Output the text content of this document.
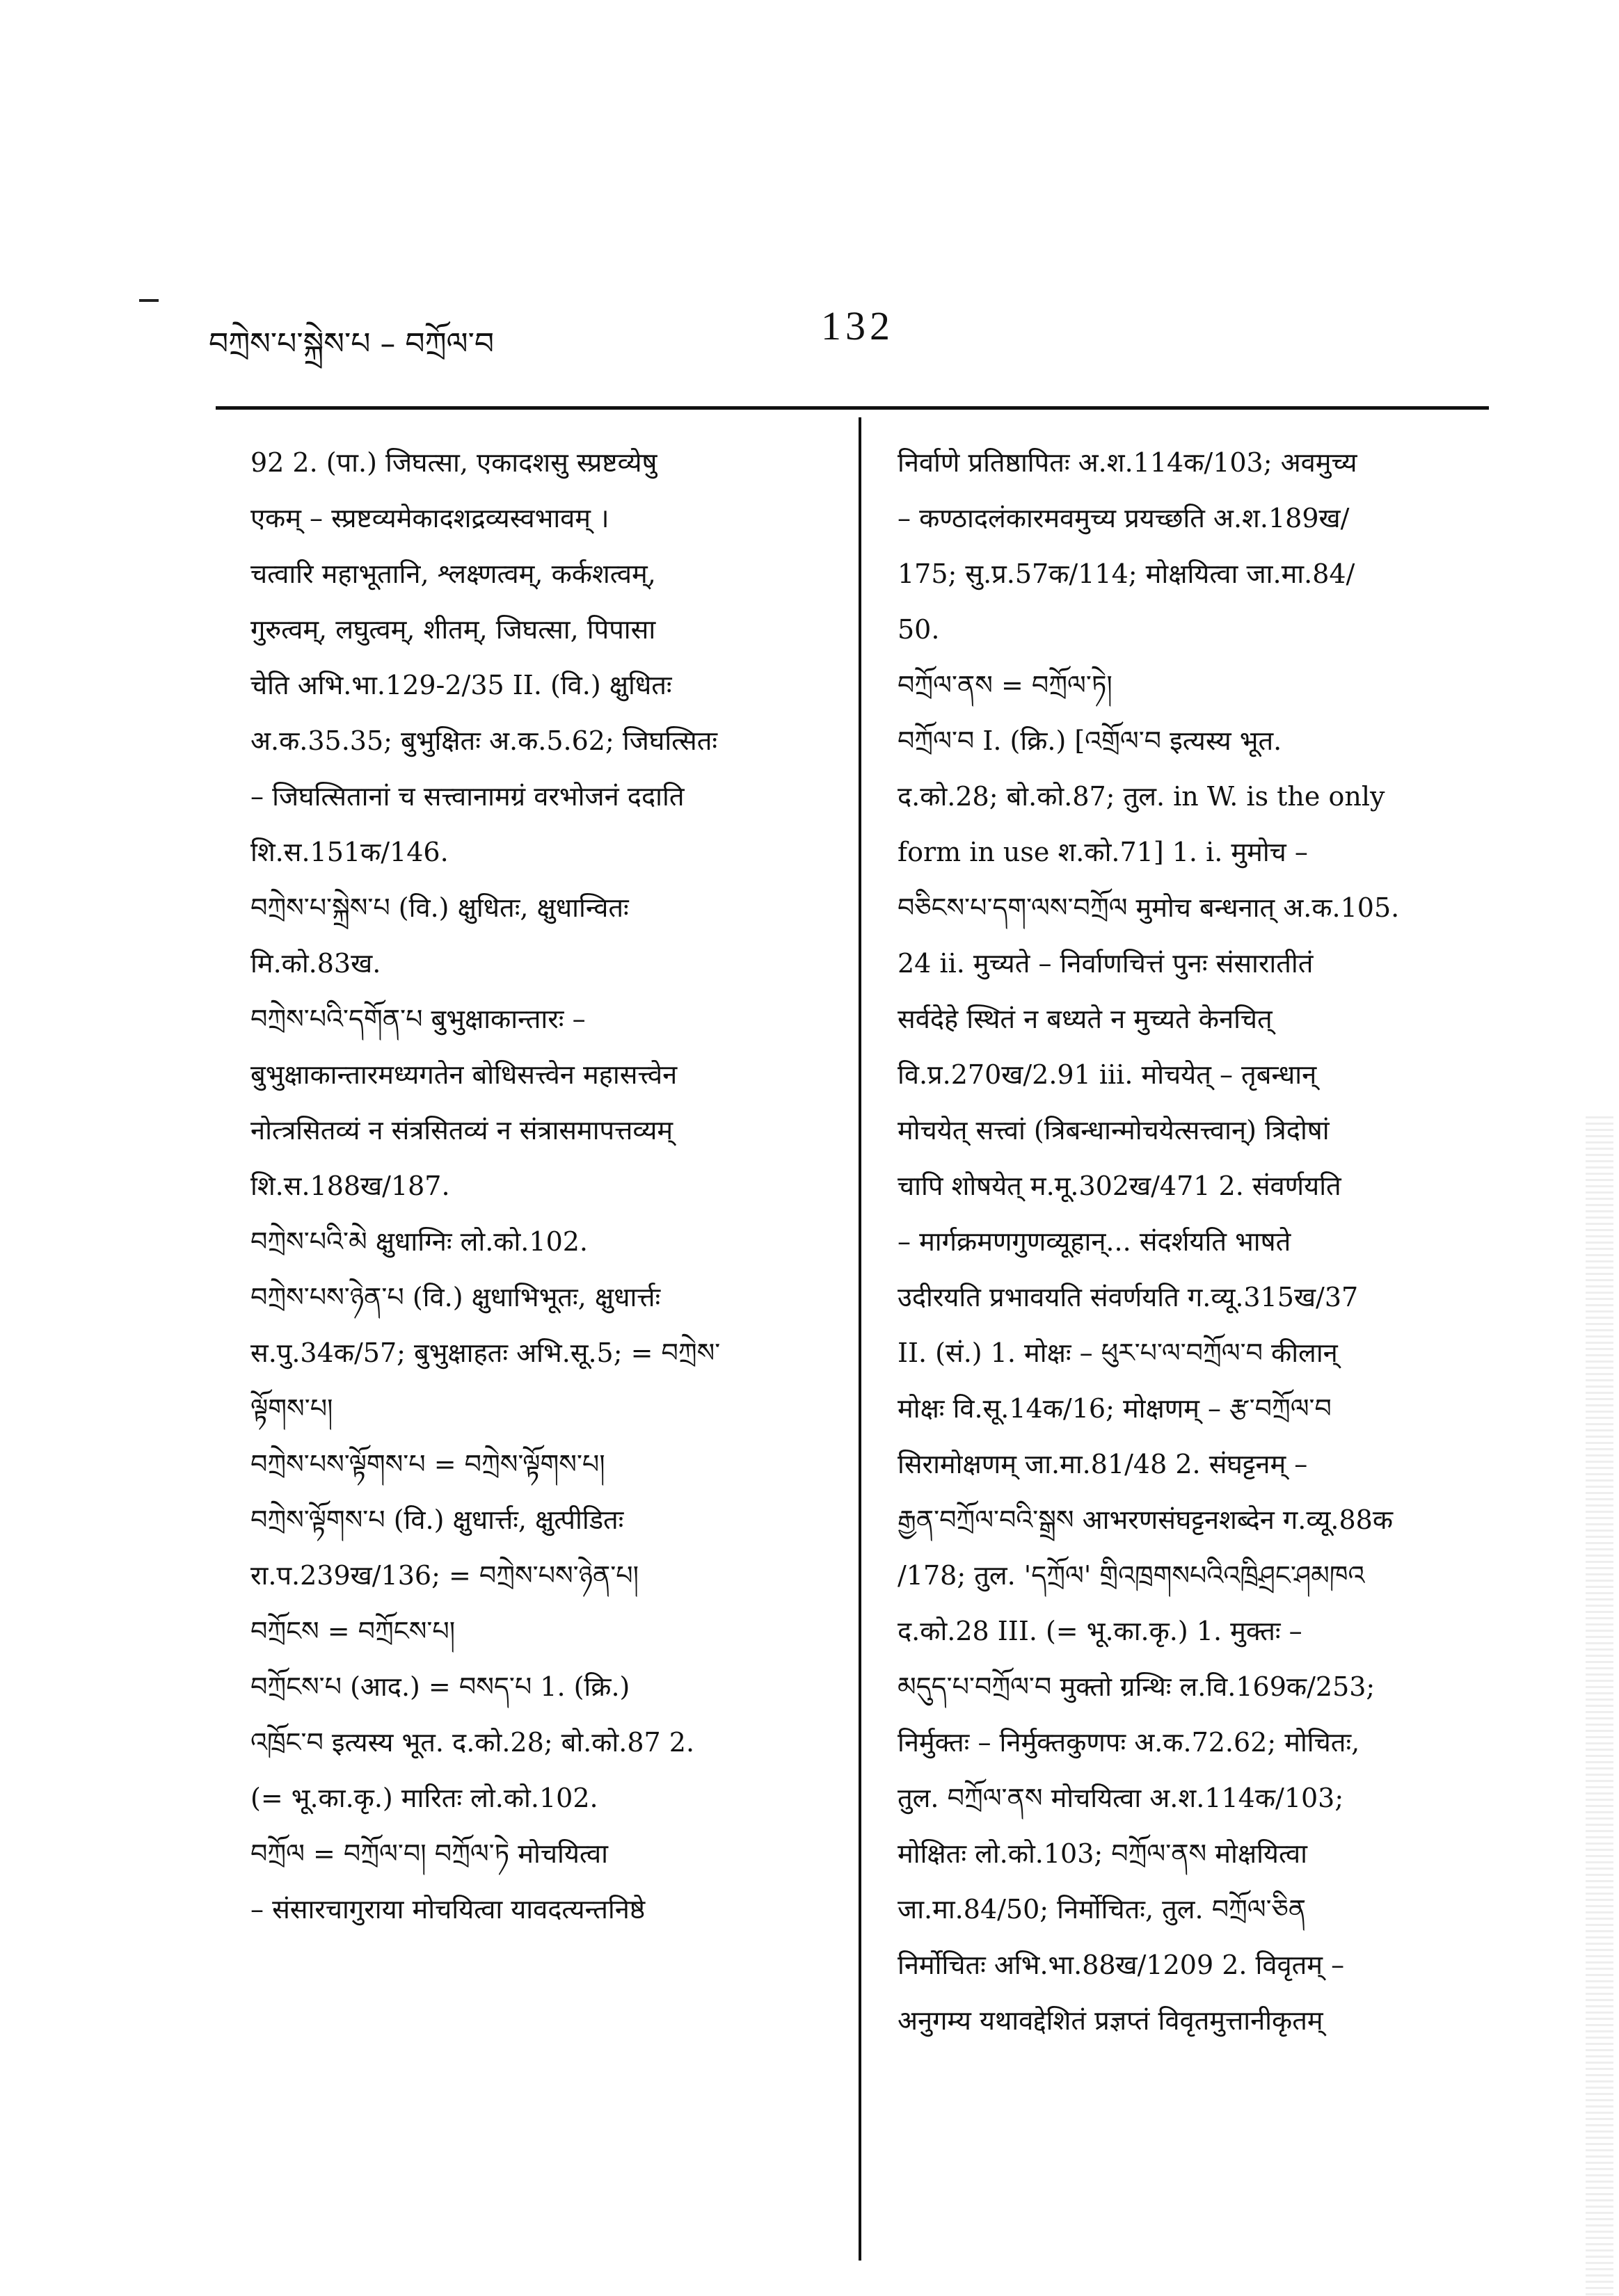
བཀྲེས་པ་སྐྲེས་པ – བཀྲོལ་བ	132
92 2. (पा.) जिघत्सा, एकादशसु स्प्रष्टव्येषु
एकम् – स्प्रष्टव्यमेकादशद्रव्यस्वभावम् ।
चत्वारि महाभूतानि, श्लक्ष्णत्वम्, कर्कशत्वम्,
गुरुत्वम्, लघुत्वम्, शीतम्, जिघत्सा, पिपासा
चेति अभि.भा.129-2/35 II. (वि.) क्षुधितः
अ.क.35.35; बुभुक्षितः अ.क.5.62; जिघत्सितः
– जिघत्सितानां च सत्त्वानामग्रं वरभोजनं ददाति
शि.स.151क/146.
བཀྲེས་པ་སྐྲེས་པ (वि.) क्षुधितः, क्षुधान्वितः
मि.को.83ख.
བཀྲེས་པའི་དགོན་པ बुभुक्षाकान्तारः –
बुभुक्षाकान्तारमध्यगतेन बोधिसत्त्वेन महासत्त्वेन
नोत्त्रसितव्यं न संत्रसितव्यं न संत्रासमापत्तव्यम्
शि.स.188ख/187.
བཀྲེས་པའི་མེ क्षुधाग्निः लो.को.102.
བཀྲེས་པས་ཉེན་པ (वि.) क्षुधाभिभूतः, क्षुधार्त्तः
स.पु.34क/57; बुभुक्षाहतः अभि.सू.5; = བཀྲེས་
ལྟོགས་པ།
བཀྲེས་པས་ལྟོགས་པ = བཀྲེས་ལྟོགས་པ།
བཀྲེས་ལྟོགས་པ (वि.) क्षुधार्त्तः, क्षुत्पीडितः
रा.प.239ख/136; = བཀྲེས་པས་ཉེན་པ།
བཀྲོངས = བཀྲོངས་པ།
བཀྲོངས་པ (आद.) = བསད་པ 1. (क्रि.)
འཁྲོང་བ इत्यस्य भूत. द.को.28; बो.को.87 2.
(= भू.का.कृ.) मारितः लो.को.102.
བཀྲོལ = བཀྲོལ་བ། བཀྲོལ་ཏེ मोचयित्वा
– संसारचागुराया मोचयित्वा यावदत्यन्तनिष्ठे
निर्वाणे प्रतिष्ठापितः अ.श.114क/103; अवमुच्य
– कण्ठादलंकारमवमुच्य प्रयच्छति अ.श.189ख/
175; सु.प्र.57क/114; मोक्षयित्वा जा.मा.84/
50.
བཀྲོལ་ནས = བཀྲོལ་ཏེ།
བཀྲོལ་བ I. (क्रि.) [འགྲོལ་བ इत्यस्य भूत.
द.को.28; बो.को.87; तुल. in W. is the only
form in use श.को.71] 1. i. मुमोच –
བཅིངས་པ་དག་ལས་བཀྲོལ मुमोच बन्धनात् अ.क.105.
24 ii. मुच्यते – निर्वाणचित्तं पुनः संसारातीतं
सर्वदेहे स्थितं न बध्यते न मुच्यते केनचित्
वि.प्र.270ख/2.91 iii. मोचयेत् – तृबन्धान्
मोचयेत् सत्त्वां (त्रिबन्धान्मोचयेत्सत्त्वान्) त्रिदोषां
चापि शोषयेत् म.मू.302ख/471 2. संवर्णयति
– मार्गक्रमणगुणव्यूहान्... संदर्शयति भाषते
उदीरयति प्रभावयति संवर्णयति ग.व्यू.315ख/37
II. (सं.) 1. मोक्षः – ཕུར་པ་ལ་བཀྲོལ་བ कीलान्
मोक्षः वि.सू.14क/16; मोक्षणम् – རྩ་བཀྲོལ་བ
सिरामोक्षणम् जा.मा.81/48 2. संघट्टनम् –
རྒྱན་བཀྲོལ་བའི་སྒྲས आभरणसंघट्टनशब्देन ग.व्यू.88क
/178; तुल. 'དཀྲོལ' གྲིའཁྲགསཔའིའཁྲིཤྲང་ཤམཁའ
द.को.28 III. (= भू.का.कृ.) 1. मुक्तः –
མདུད་པ་བཀྲོལ་བ मुक्तो ग्रन्थिः ल.वि.169क/253;
निर्मुक्तः – निर्मुक्तकुणपः अ.क.72.62; मोचितः,
तुल. བཀྲོལ་ནས मोचयित्वा अ.श.114क/103;
मोक्षितः लो.को.103; བཀྲོལ་ནས मोक्षयित्वा
जा.मा.84/50; निर्मोचितः, तुल. བཀྲོལ་ཅིན
निर्मोचितः अभि.भा.88ख/1209 2. विवृतम् –
अनुगम्य यथावद्देशितं प्रज्ञप्तं विवृतमुत्तानीकृतम्
